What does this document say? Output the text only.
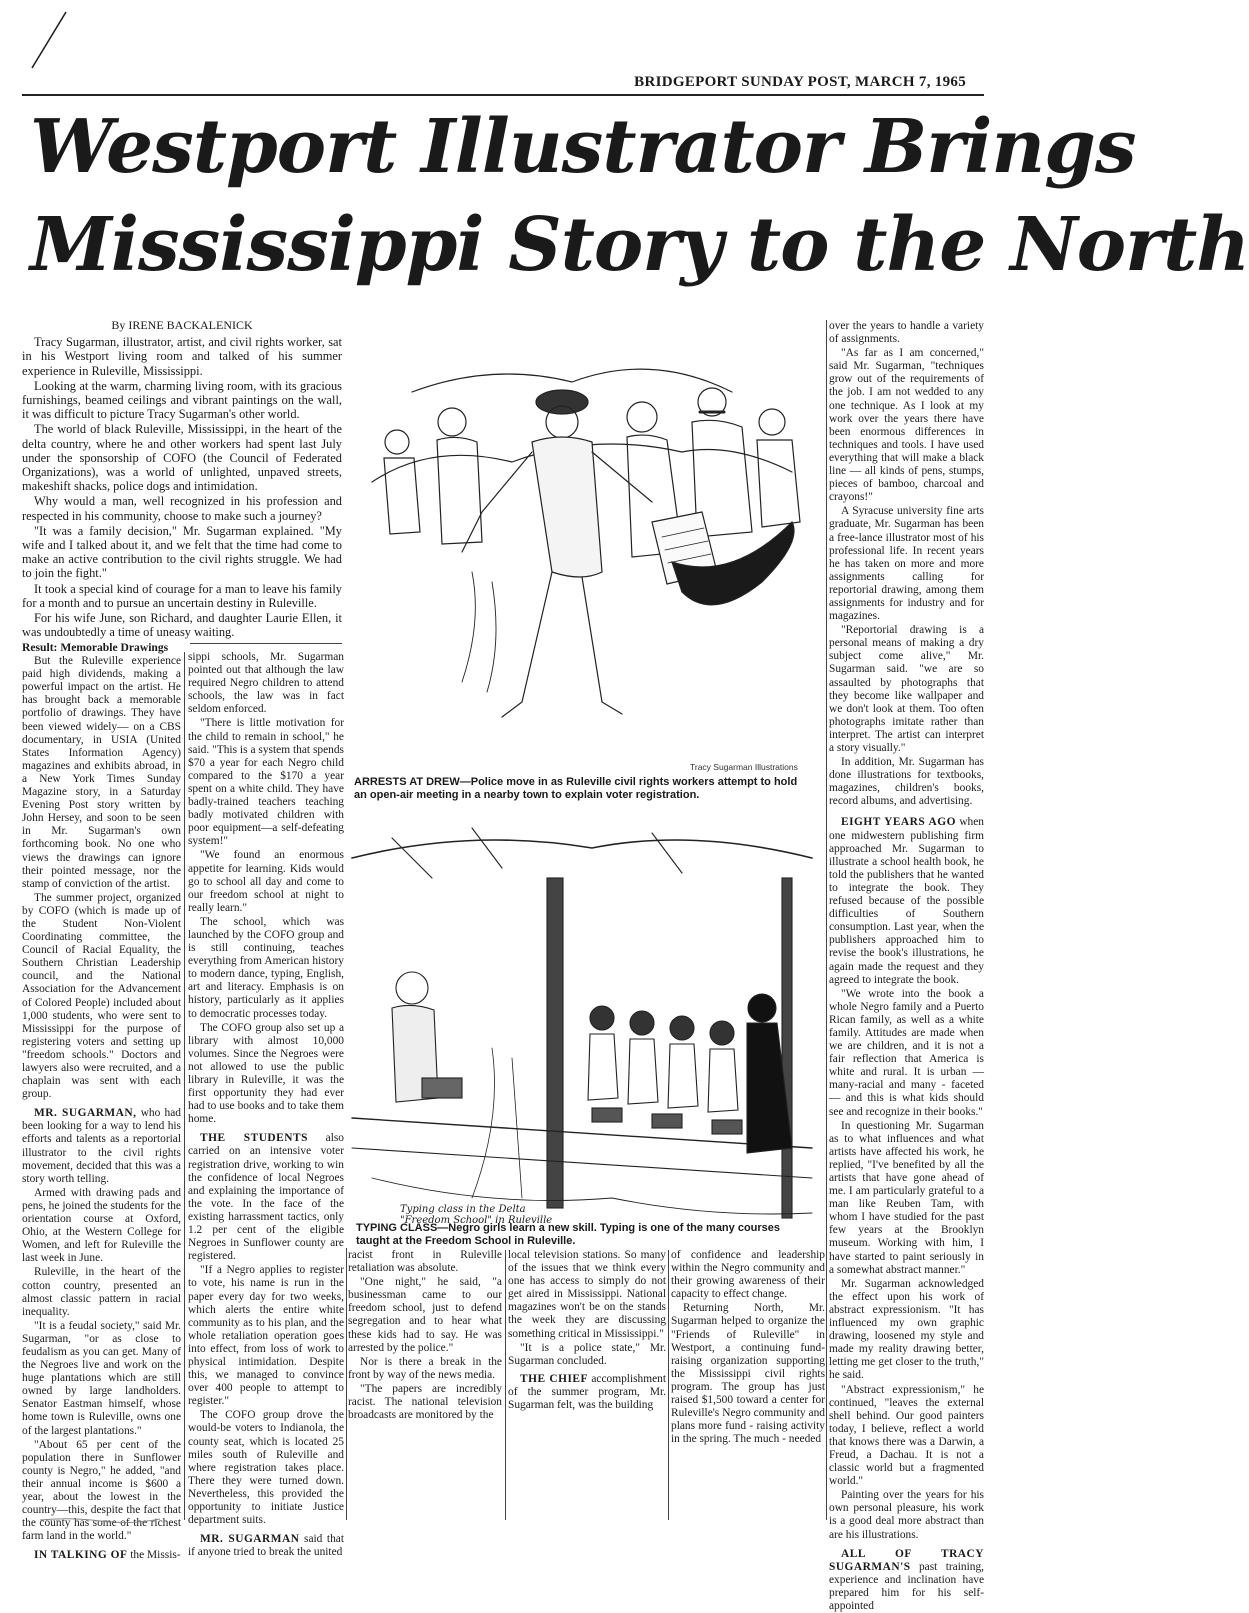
BRIDGEPORT SUNDAY POST, MARCH 7, 1965
Westport Illustrator Brings
Mississippi Story to the North

By IRENE BACKALENICK

Tracy Sugarman, illustrator, artist, and civil rights worker, sat in his Westport living room and talked of his summer experience in Ruleville, Mississippi.

Looking at the warm, charming living room, with its gracious furnishings, beamed ceilings and vibrant paintings on the wall, it was difficult to picture Tracy Sugarman's other world.

The world of black Ruleville, Mississippi, in the heart of the delta country, where he and other workers had spent last July under the sponsorship of COFO (the Council of Federated Organizations), was a world of unlighted, unpaved streets, makeshift shacks, police dogs and intimidation.

Why would a man, well recognized in his profession and respected in his community, choose to make such a journey?

"It was a family decision," Mr. Sugarman explained. "My wife and I talked about it, and we felt that the time had come to make an active contribution to the civil rights struggle. We had to join the fight."

It took a special kind of courage for a man to leave his family for a month and to pursue an uncertain destiny in Ruleville.

For his wife June, son Richard, and daughter Laurie Ellen, it was undoubtedly a time of uneasy waiting.

Result: Memorable Drawings

But the Ruleville experience paid high dividends, making a powerful impact on the artist. He has brought back a memorable portfolio of drawings. They have been viewed widely— on a CBS documentary, in USIA (United States Information Agency) magazines and exhibits abroad, in a New York Times Sunday Magazine story, in a Saturday Evening Post story written by John Hersey, and soon to be seen in Mr. Sugarman's own forthcoming book. No one who views the drawings can ignore their pointed message, nor the stamp of conviction of the artist.

The summer project, organized by COFO (which is made up of the Student Non-Violent Coordinating committee, the Council of Racial Equality, the Southern Christian Leadership council, and the National Association for the Advancement of Colored People) included about 1,000 students, who were sent to Mississippi for the purpose of registering voters and setting up "freedom schools." Doctors and lawyers also were recruited, and a chaplain was sent with each group.

MR. SUGARMAN, who had been looking for a way to lend his efforts and talents as a reportorial illustrator to the civil rights movement, decided that this was a story worth telling.

Armed with drawing pads and pens, he joined the students for the orientation course at Oxford, Ohio, at the Western College for Women, and left for Ruleville the last week in June.

Ruleville, in the heart of the cotton country, presented an almost classic pattern in racial inequality.

"It is a feudal society," said Mr. Sugarman, "or as close to feudalism as you can get. Many of the Negroes live and work on the huge plantations which are still owned by large landholders. Senator Eastman himself, whose home town is Ruleville, owns one of the largest plantations."

"About 65 per cent of the population there in Sunflower county is Negro," he added, "and their annual income is $600 a year, about the lowest in the country—this, despite the fact that the county has some of the richest farm land in the world."

IN TALKING OF the Missis-

sippi schools, Mr. Sugarman pointed out that although the law required Negro children to attend schools, the law was in fact seldom enforced.

"There is little motivation for the child to remain in school," he said. "This is a system that spends $70 a year for each Negro child compared to the $170 a year spent on a white child. They have badly-trained teachers teaching badly motivated children with poor equipment—a self-defeating system!"

"We found an enormous appetite for learning. Kids would go to school all day and come to our freedom school at night to really learn."

The school, which was launched by the COFO group and is still continuing, teaches everything from American history to modern dance, typing, English, art and literacy. Emphasis is on history, particularly as it applies to democratic processes today.

The COFO group also set up a library with almost 10,000 volumes. Since the Negroes were not allowed to use the public library in Ruleville, it was the first opportunity they had ever had to use books and to take them home.

THE STUDENTS also carried on an intensive voter registration drive, working to win the confidence of local Negroes and explaining the importance of the vote. In the face of the existing harrassment tactics, only 1.2 per cent of the eligible Negroes in Sunflower county are registered.

"If a Negro applies to register to vote, his name is run in the paper every day for two weeks, which alerts the entire white community as to his plan, and the whole retaliation operation goes into effect, from loss of work to physical intimidation. Despite this, we managed to convince over 400 people to attempt to register."

The COFO group drove the would-be voters to Indianola, the county seat, which is located 25 miles south of Ruleville and where registration takes place. There they were turned down. Nevertheless, this provided the opportunity to initiate Justice department suits.

MR. SUGARMAN said that if anyone tried to break the united

Tracy Sugarman Illustrations
ARRESTS AT DREW—Police move in as Ruleville civil rights workers attempt to hold an open-air meeting in a nearby town to explain voter registration.
Typing class in the Delta
"Freedom School" in Ruleville
TYPING CLASS—Negro girls learn a new skill. Typing is one of the many courses taught at the Freedom School in Ruleville.

racist front in Ruleville retaliation was absolute.

"One night," he said, "a businessman came to our freedom school, just to defend segregation and to hear what these kids had to say. He was arrested by the police."

Nor is there a break in the front by way of the news media.

"The papers are incredibly racist. The national television broadcasts are monitored by the

local television stations. So many of the issues that we think every one has access to simply do not get aired in Mississippi. National magazines won't be on the stands the week they are discussing something critical in Mississippi."

"It is a police state," Mr. Sugarman concluded.

THE CHIEF accomplishment of the summer program, Mr. Sugarman felt, was the building

of confidence and leadership within the Negro community and their growing awareness of their capacity to effect change.

Returning North, Mr. Sugarman helped to organize the "Friends of Ruleville" in Westport, a continuing fund-raising organization supporting the Mississippi civil rights program. The group has just raised $1,500 toward a center for Ruleville's Negro community and plans more fund - raising activity in the spring. The much - needed

over the years to handle a variety of assignments.

"As far as I am concerned," said Mr. Sugarman, "techniques grow out of the requirements of the job. I am not wedded to any one technique. As I look at my work over the years there have been enormous differences in techniques and tools. I have used everything that will make a black line — all kinds of pens, stumps, pieces of bamboo, charcoal and crayons!"

A Syracuse university fine arts graduate, Mr. Sugarman has been a free-lance illustrator most of his professional life. In recent years he has taken on more and more assignments calling for reportorial drawing, among them assignments for industry and for magazines.

"Reportorial drawing is a personal means of making a dry subject come alive," Mr. Sugarman said. "we are so assaulted by photographs that they become like wallpaper and we don't look at them. Too often photographs imitate rather than interpret. The artist can interpret a story visually."

In addition, Mr. Sugarman has done illustrations for textbooks, magazines, children's books, record albums, and advertising.

EIGHT YEARS AGO when one midwestern publishing firm approached Mr. Sugarman to illustrate a school health book, he told the publishers that he wanted to integrate the book. They refused because of the possible difficulties of Southern consumption. Last year, when the publishers approached him to revise the book's illustrations, he again made the request and they agreed to integrate the book.

"We wrote into the book a whole Negro family and a Puerto Rican family, as well as a white family. Attitudes are made when we are children, and it is not a fair reflection that America is white and rural. It is urban — many-racial and many - faceted — and this is what kids should see and recognize in their books."

In questioning Mr. Sugarman as to what influences and what artists have affected his work, he replied, "I've benefited by all the artists that have gone ahead of me. I am particularly grateful to a man like Reuben Tam, with whom I have studied for the past few years at the Brooklyn museum. Working with him, I have started to paint seriously in a somewhat abstract manner."

Mr. Sugarman acknowledged the effect upon his work of abstract expressionism. "It has influenced my own graphic drawing, loosened my style and made my reality drawing better, letting me get closer to the truth," he said.

"Abstract expressionism," he continued, "leaves the external shell behind. Our good painters today, I believe, reflect a world that knows there was a Darwin, a Freud, a Dachau. It is not a classic world but a fragmented world."

Painting over the years for his own personal pleasure, his work is a good deal more abstract than are his illustrations.

ALL OF TRACY SUGARMAN'S past training, experience and inclination have prepared him for his self-appointed
